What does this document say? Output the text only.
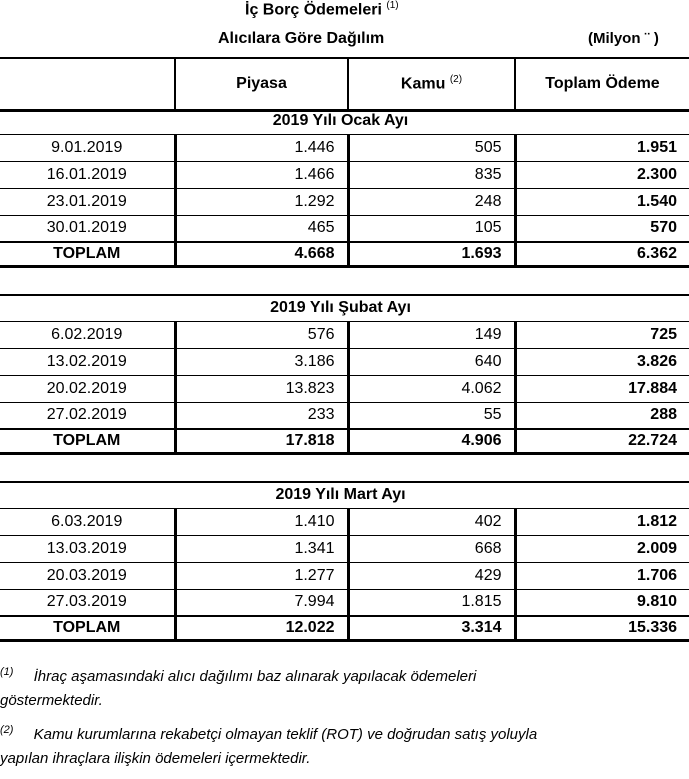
İç Borç Ödemeleri $^{(1)}$
Alıcılara Göre Dağılım	(Milyon ¨ )
	Piyasa	Kamu $^{(2)}$	Toplam Ödeme
2019 Yılı Ocak Ayı			
9.01.2019	1.446	505	1.951
16.01.2019	1.466	835	2.300
23.01.2019	1.292	248	1.540
30.01.2019	465	105	570
TOPLAM	4.668	1.693	6.362
2019 Yılı Şubat Ayı			
6.02.2019	576	149	725
13.02.2019	3.186	640	3.826
20.02.2019	13.823	4.062	17.884
27.02.2019	233	55	288
TOPLAM	17.818	4.906	22.724
2019 Yılı Mart Ayı			
6.03.2019	1.410	402	1.812
13.03.2019	1.341	668	2.009
20.03.2019	1.277	429	1.706
27.03.2019	7.994	1.815	9.810
TOPLAM	12.022	3.314	15.336
$^{(1)}$ İhraç aşamasındaki alıcı dağılımı baz alınarak yapılacak ödemeleri
göstermektedir.
$^{(2)}$ Kamu kurumlarına rekabetçi olmayan teklif (ROT) ve doğrudan satış yoluyla
yapılan ihraçlara ilişkin ödemeleri içermektedir.
